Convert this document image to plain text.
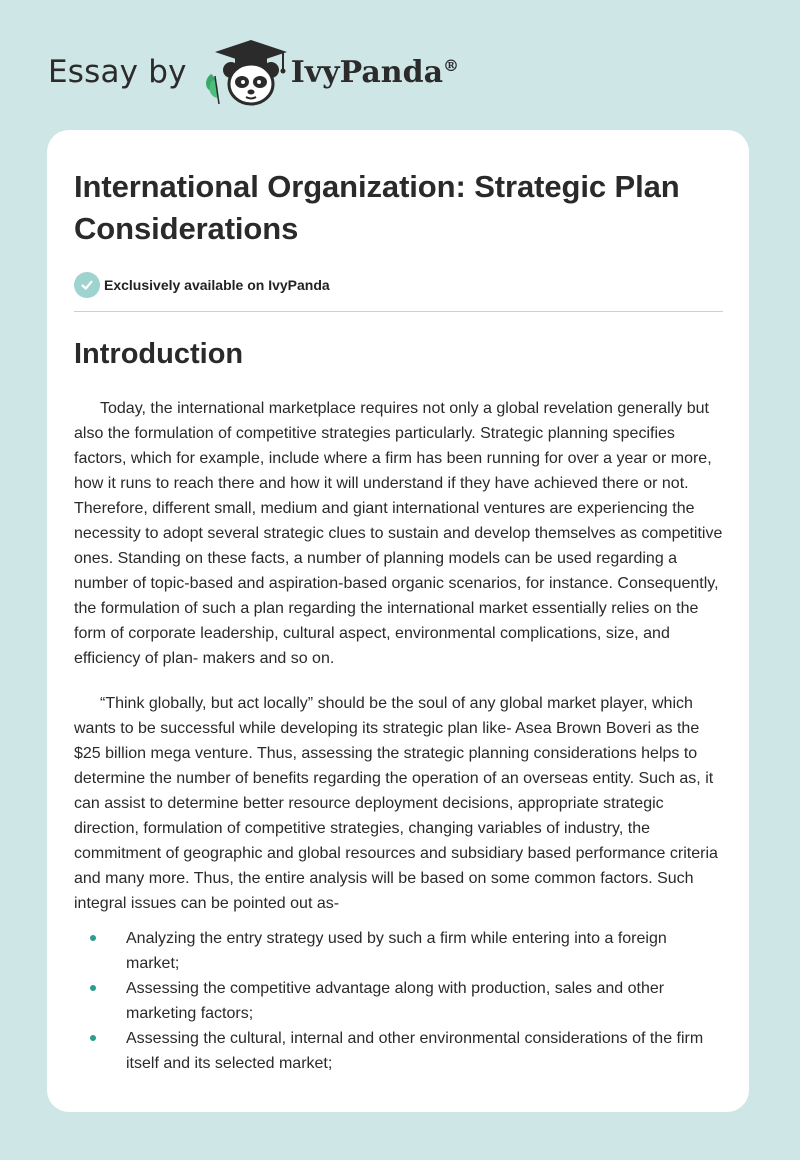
Essay by	IvyPanda®
International Organization: Strategic Plan Considerations
Exclusively available on IvyPanda
Introduction

Today, the international marketplace requires not only a global revelation generally but also the formulation of competitive strategies particularly. Strategic planning specifies factors, which for example, include where a firm has been running for over a year or more, how it runs to reach there and how it will understand if they have achieved there or not. Therefore, different small, medium and giant international ventures are experiencing the necessity to adopt several strategic clues to sustain and develop themselves as competitive ones. Standing on these facts, a number of planning models can be used regarding a number of topic-based and aspiration-based organic scenarios, for instance. Consequently, the formulation of such a plan regarding the international market essentially relies on the form of corporate leadership, cultural aspect, environmental complications, size, and efficiency of plan- makers and so on.

“Think globally, but act locally” should be the soul of any global market player, which wants to be successful while developing its strategic plan like- Asea Brown Boveri as the $25 billion mega venture. Thus, assessing the strategic planning considerations helps to determine the number of benefits regarding the operation of an overseas entity. Such as, it can assist to determine better resource deployment decisions, appropriate strategic direction, formulation of competitive strategies, changing variables of industry, the commitment of geographic and global resources and subsidiary based performance criteria and many more. Thus, the entire analysis will be based on some common factors. Such integral issues can be pointed out as-

Analyzing the entry strategy used by such a firm while entering into a foreign market;
Assessing the competitive advantage along with production, sales and other marketing factors;
Assessing the cultural, internal and other environmental considerations of the firm itself and its selected market;
